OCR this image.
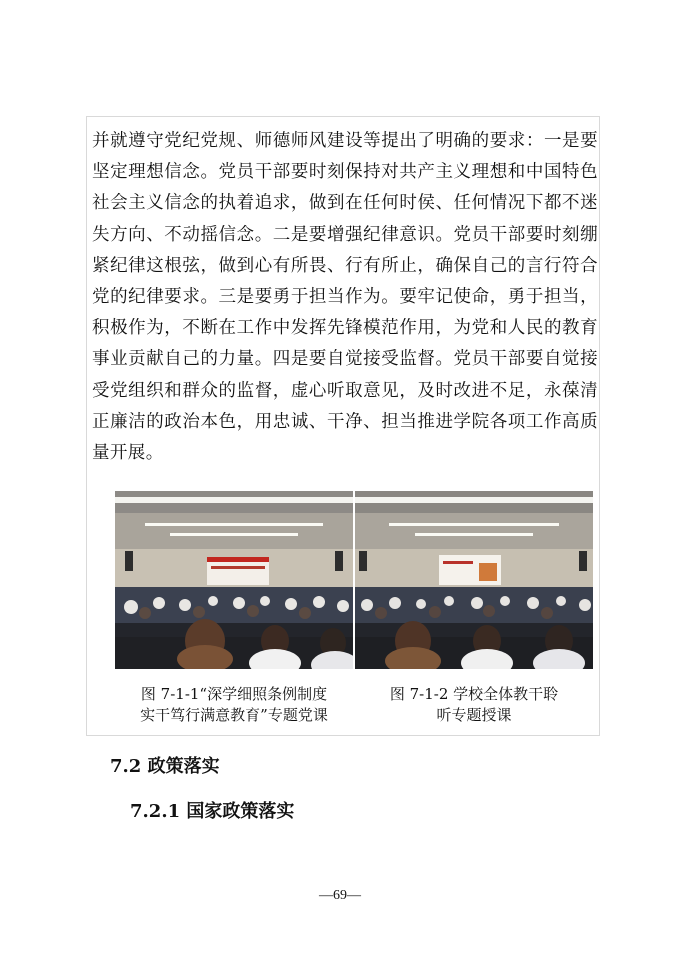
并就遵守党纪党规、师德师风建设等提出了明确的要求：一是要坚定理想信念。党员干部要时刻保持对共产主义理想和中国特色社会主义信念的执着追求，做到在任何时侯、任何情况下都不迷失方向、不动摇信念。二是要增强纪律意识。党员干部要时刻绷紧纪律这根弦，做到心有所畏、行有所止，确保自己的言行符合党的纪律要求。三是要勇于担当作为。要牢记使命，勇于担当，积极作为，不断在工作中发挥先锋模范作用，为党和人民的教育事业贡献自己的力量。四是要自觉接受监督。党员干部要自觉接受党组织和群众的监督，虚心听取意见，及时改进不足，永葆清正廉洁的政治本色，用忠诚、干净、担当推进学院各项工作高质量开展。

图 7-1-1“深学细照条例制度
实干笃行满意教育”专题党课
图 7-1-2 学校全体教干聆
听专题授课
7.2 政策落实
7.2.1 国家政策落实
—69—
